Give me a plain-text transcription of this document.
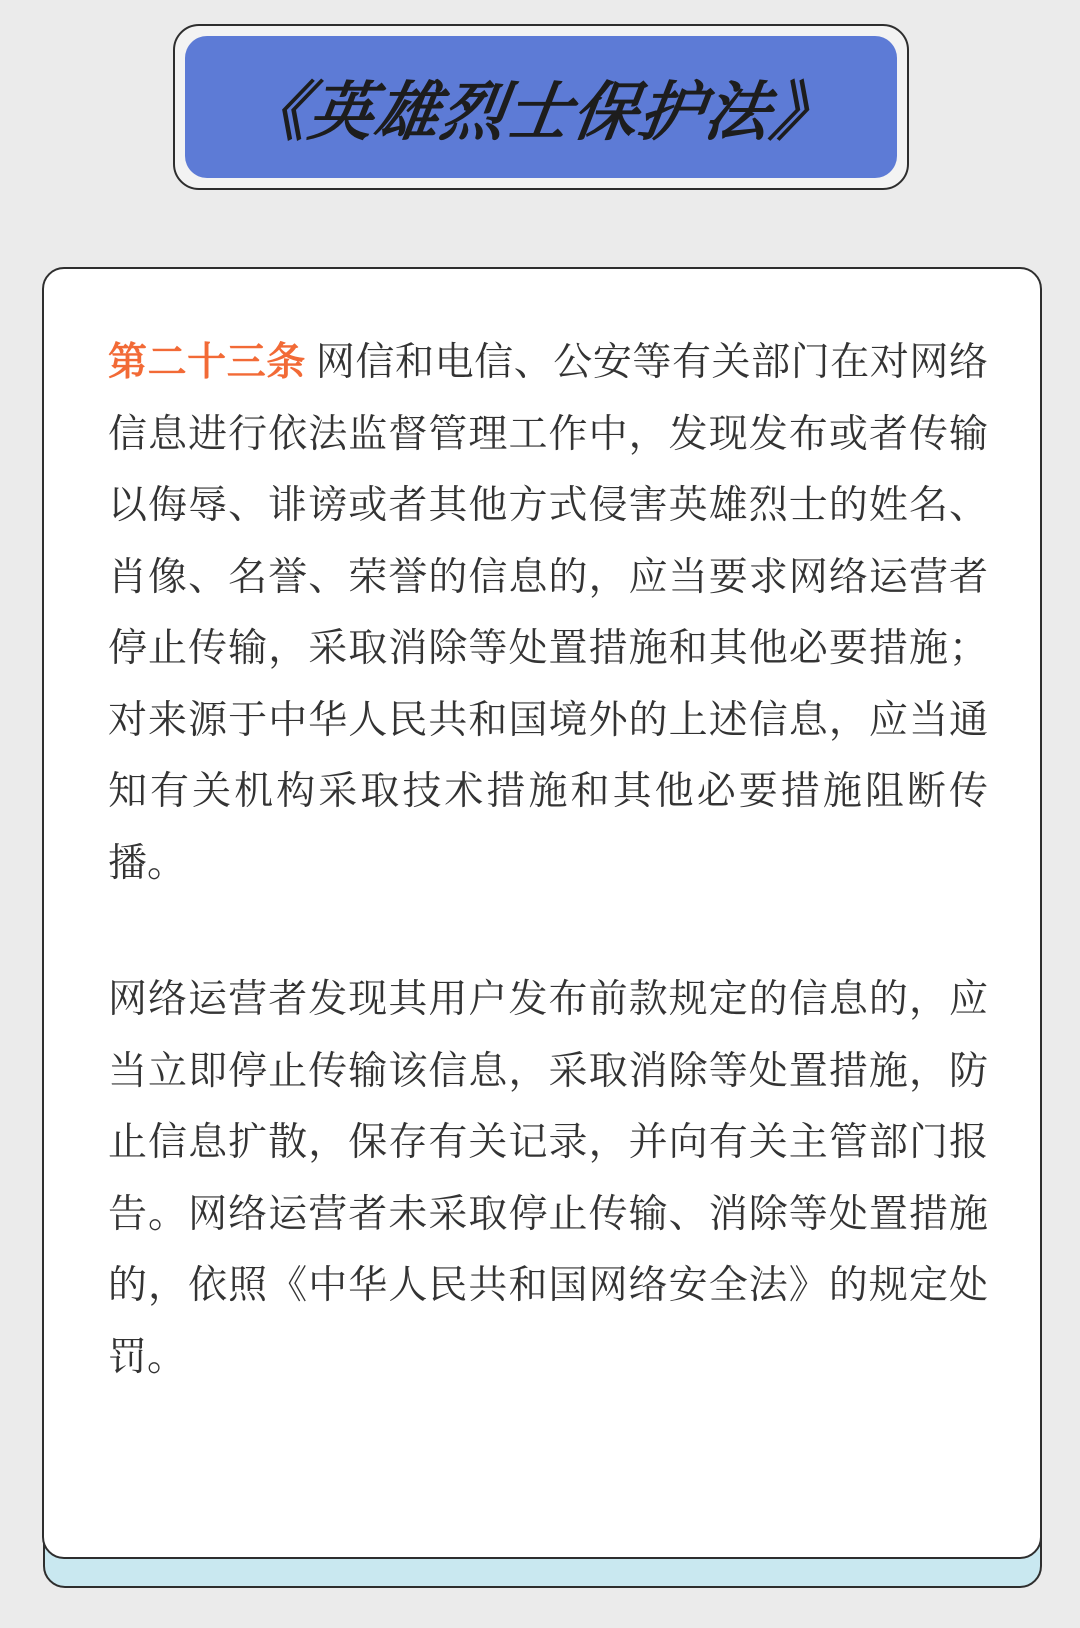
《英雄烈士保护法》

第二十三条 网信和电信、公安等有关部门在对网络信息进行依法监督管理工作中，发现发布或者传输以侮辱、诽谤或者其他方式侵害英雄烈士的姓名、肖像、名誉、荣誉的信息的，应当要求网络运营者停止传输，采取消除等处置措施和其他必要措施；对来源于中华人民共和国境外的上述信息，应当通知有关机构采取技术措施和其他必要措施阻断传播。

网络运营者发现其用户发布前款规定的信息的，应当立即停止传输该信息，采取消除等处置措施，防止信息扩散，保存有关记录，并向有关主管部门报告。网络运营者未采取停止传输、消除等处置措施的，依照《中华人民共和国网络安全法》的规定处罚。
